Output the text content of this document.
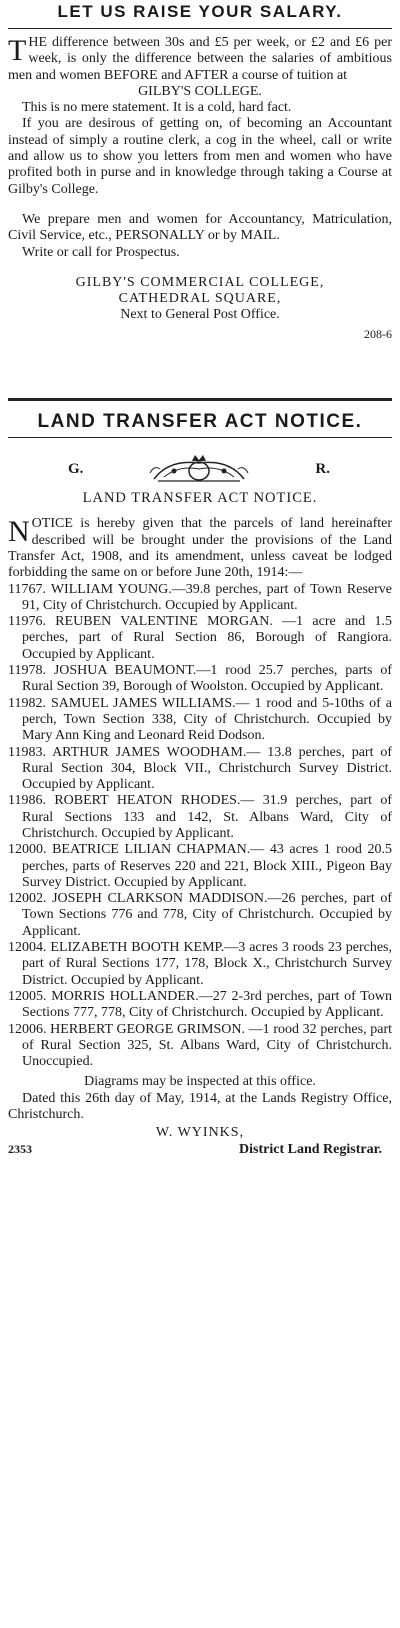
LET US RAISE YOUR SALARY.

THE difference between 30s and £5 per week, or £2 and £6 per week, is only the difference between the salaries of ambitious men and women BEFORE and AFTER a course of tuition at

GILBY'S COLLEGE.

This is no mere statement. It is a cold, hard fact.

If you are desirous of getting on, of becoming an Accountant instead of simply a routine clerk, a cog in the wheel, call or write and allow us to show you letters from men and women who have profited both in purse and in knowledge through taking a Course at Gilby's College.

We prepare men and women for Accountancy, Matriculation, Civil Service, etc., PERSONALLY or by MAIL.

Write or call for Prospectus.

GILBY'S COMMERCIAL COLLEGE,

CATHEDRAL SQUARE,

Next to General Post Office.

208-6

LAND TRANSFER ACT NOTICE.
G.	R.

LAND TRANSFER ACT NOTICE.

NOTICE is hereby given that the parcels of land hereinafter described will be brought under the provisions of the Land Transfer Act, 1908, and its amendment, unless caveat be lodged forbidding the same on or before June 20th, 1914:—

11767. WILLIAM YOUNG.—39.8 perches, part of Town Reserve 91, City of Christchurch. Occupied by Applicant.

11976. REUBEN VALENTINE MORGAN. —1 acre and 1.5 perches, part of Rural Section 86, Borough of Rangiora. Occupied by Applicant.

11978. JOSHUA BEAUMONT.—1 rood 25.7 perches, parts of Rural Section 39, Borough of Woolston. Occupied by Applicant.

11982. SAMUEL JAMES WILLIAMS.— 1 rood and 5-10ths of a perch, Town Section 338, City of Christchurch. Occupied by Mary Ann King and Leonard Reid Dodson.

11983. ARTHUR JAMES WOODHAM.— 13.8 perches, part of Rural Section 304, Block VII., Christchurch Survey District. Occupied by Applicant.

11986. ROBERT HEATON RHODES.— 31.9 perches, part of Rural Sections 133 and 142, St. Albans Ward, City of Christchurch. Occupied by Applicant.

12000. BEATRICE LILIAN CHAPMAN.— 43 acres 1 rood 20.5 perches, parts of Reserves 220 and 221, Block XIII., Pigeon Bay Survey District. Occupied by Applicant.

12002. JOSEPH CLARKSON MADDISON.—26 perches, part of Town Sections 776 and 778, City of Christchurch. Occupied by Applicant.

12004. ELIZABETH BOOTH KEMP.—3 acres 3 roods 23 perches, part of Rural Sections 177, 178, Block X., Christchurch Survey District. Occupied by Applicant.

12005. MORRIS HOLLANDER.—27 2-3rd perches, part of Town Sections 777, 778, City of Christchurch. Occupied by Applicant.

12006. HERBERT GEORGE GRIMSON. —1 rood 32 perches, part of Rural Section 325, St. Albans Ward, City of Christchurch. Unoccupied.

Diagrams may be inspected at this office.

Dated this 26th day of May, 1914, at the Lands Registry Office, Christchurch.

W. WYINKS,

2353	District Land Registrar.
